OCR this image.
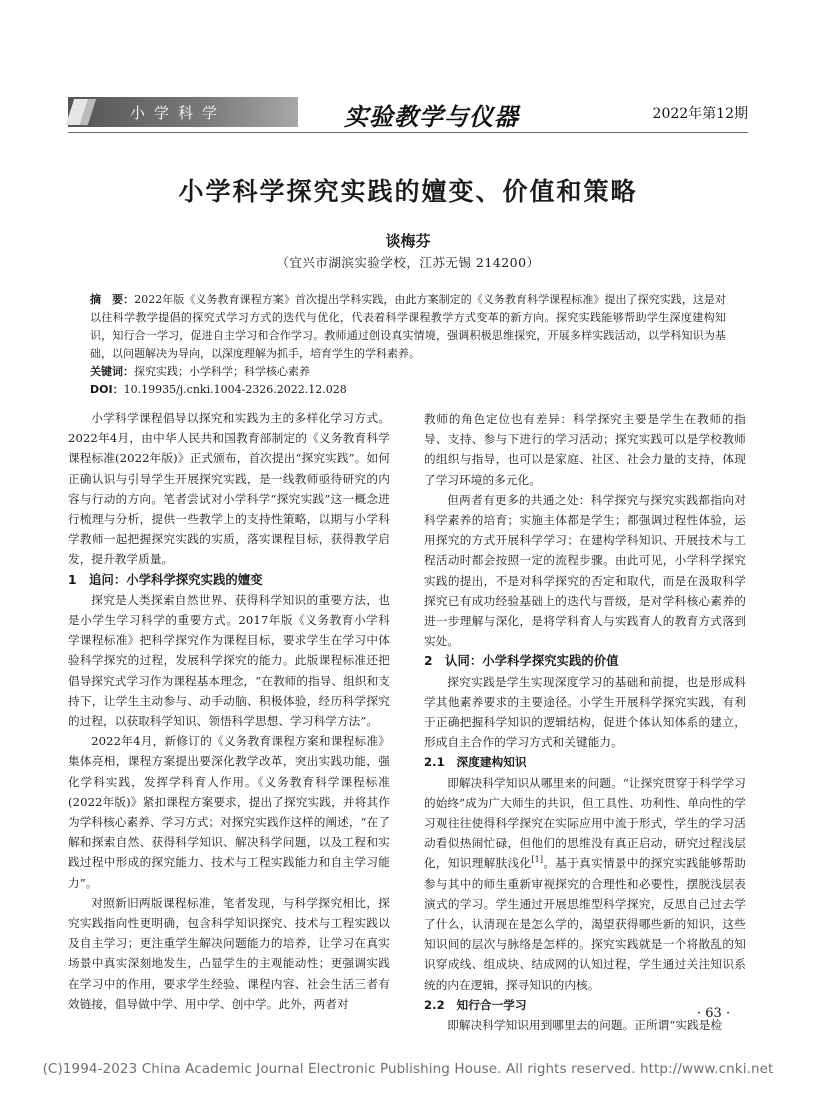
小学科学	实验教学与仪器	2022年第12期
小学科学探究实践的嬗变、价值和策略
谈梅芬
（宜兴市湖滨实验学校，江苏无锡 214200）

摘　要：2022年版《义务教育课程方案》首次提出学科实践，由此方案制定的《义务教育科学课程标准》提出了探究实践，这是对以往科学教学提倡的探究式学习方式的迭代与优化，代表着科学课程教学方式变革的新方向。探究实践能够帮助学生深度建构知识，知行合一学习，促进自主学习和合作学习。教师通过创设真实情境，强调积极思维探究，开展多样实践活动，以学科知识为基础，以问题解决为导向，以深度理解为抓手，培育学生的学科素养。

关键词：探究实践；小学科学；科学核心素养

DOI：10.19935/j.cnki.1004-2326.2022.12.028

小学科学课程倡导以探究和实践为主的多样化学习方式。2022年4月，由中华人民共和国教育部制定的《义务教育科学课程标准(2022年版)》正式颁布，首次提出“探究实践”。如何正确认识与引导学生开展探究实践，是一线教师亟待研究的内容与行动的方向。笔者尝试对小学科学“探究实践”这一概念进行梳理与分析，提供一些教学上的支持性策略，以期与小学科学教师一起把握探究实践的实质，落实课程目标，获得教学启发，提升教学质量。

1　追问：小学科学探究实践的嬗变

探究是人类探索自然世界、获得科学知识的重要方法，也是小学生学习科学的重要方式。2017年版《义务教育小学科学课程标准》把科学探究作为课程目标，要求学生在学习中体验科学探究的过程，发展科学探究的能力。此版课程标准还把倡导探究式学习作为课程基本理念，“在教师的指导、组织和支持下，让学生主动参与、动手动脑、积极体验，经历科学探究的过程，以获取科学知识、领悟科学思想、学习科学方法”。

2022年4月，新修订的《义务教育课程方案和课程标准》集体亮相，课程方案提出要深化教学改革，突出实践功能，强化学科实践，发挥学科育人作用。《义务教育科学课程标准(2022年版)》紧扣课程方案要求，提出了探究实践，并将其作为学科核心素养、学习方式；对探究实践作这样的阐述，“在了解和探索自然、获得科学知识、解决科学问题，以及工程和实践过程中形成的探究能力、技术与工程实践能力和自主学习能力”。

对照新旧两版课程标准，笔者发现，与科学探究相比，探究实践指向性更明确，包含科学知识探究、技术与工程实践以及自主学习；更注重学生解决问题能力的培养，让学习在真实场景中真实深刻地发生，凸显学生的主观能动性；更强调实践在学习中的作用，要求学生经验、课程内容、社会生活三者有效链接，倡导做中学、用中学、创中学。此外，两者对

教师的角色定位也有差异：科学探究主要是学生在教师的指导、支持、参与下进行的学习活动；探究实践可以是学校教师的组织与指导，也可以是家庭、社区、社会力量的支持，体现了学习环境的多元化。

但两者有更多的共通之处：科学探究与探究实践都指向对科学素养的培育；实施主体都是学生；都强调过程性体验，运用探究的方式开展科学学习；在建构学科知识、开展技术与工程活动时都会按照一定的流程步骤。由此可见，小学科学探究实践的提出，不是对科学探究的否定和取代，而是在汲取科学探究已有成功经验基础上的迭代与晋级，是对学科核心素养的进一步理解与深化，是将学科育人与实践育人的教育方式落到实处。

2　认同：小学科学探究实践的价值

探究实践是学生实现深度学习的基础和前提，也是形成科学其他素养要求的主要途径。小学生开展科学探究实践，有利于正确把握科学知识的逻辑结构，促进个体认知体系的建立，形成自主合作的学习方式和关键能力。

2.1　深度建构知识

即解决科学知识从哪里来的问题。“让探究贯穿于科学学习的始终”成为广大师生的共识，但工具性、功利性、单向性的学习观往往使得科学探究在实际应用中流于形式，学生的学习活动看似热闹忙碌，但他们的思维没有真正启动，研究过程浅层化，知识理解肤浅化[1]。基于真实情景中的探究实践能够帮助参与其中的师生重新审视探究的合理性和必要性，摆脱浅层表演式的学习。学生通过开展思维型科学探究，反思自己过去学了什么，认清现在是怎么学的，渴望获得哪些新的知识，这些知识间的层次与脉络是怎样的。探究实践就是一个将散乱的知识穿成线、组成块、结成网的认知过程，学生通过关注知识系统的内在逻辑，探寻知识的内核。

2.2　知行合一学习

即解决科学知识用到哪里去的问题。正所谓“实践是检

· 63 ·
(C)1994-2023 China Academic Journal Electronic Publishing House. All rights reserved. http://www.cnki.net
